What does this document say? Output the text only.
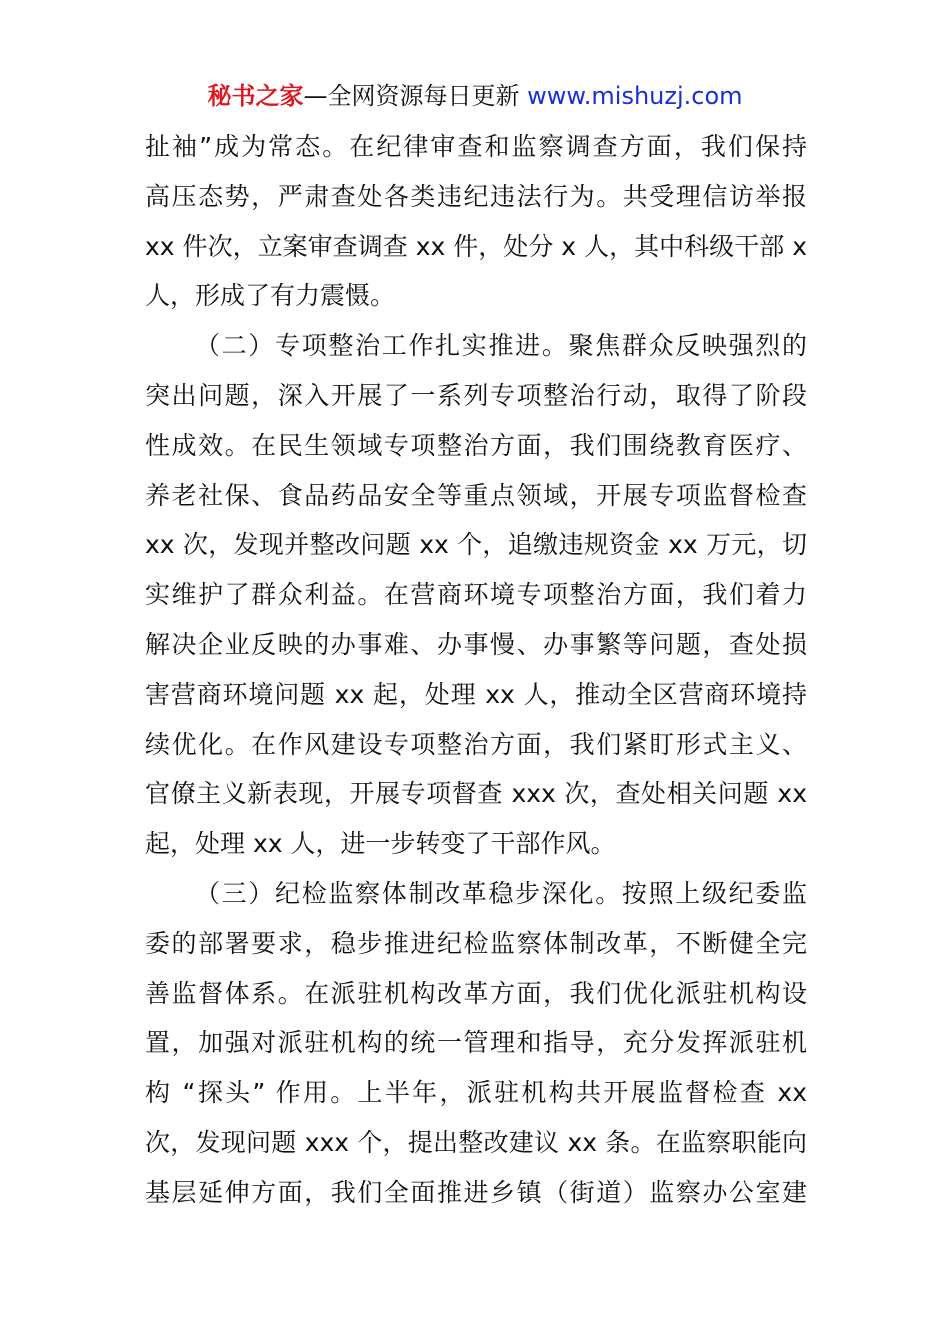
秘书之家—全网资源每日更新 www.mishuzj.com
扯袖”成为常态。在纪律审查和监察调查方面，我们保持
高压态势，严肃查处各类违纪违法行为。共受理信访举报
xx 件次，立案审查调查 xx 件，处分 x 人，其中科级干部 x
人，形成了有力震慑。
（二）专项整治工作扎实推进。聚焦群众反映强烈的
突出问题，深入开展了一系列专项整治行动，取得了阶段
性成效。在民生领域专项整治方面，我们围绕教育医疗、
养老社保、食品药品安全等重点领域，开展专项监督检查
xx 次，发现并整改问题 xx 个，追缴违规资金 xx 万元，切
实维护了群众利益。在营商环境专项整治方面，我们着力
解决企业反映的办事难、办事慢、办事繁等问题，查处损
害营商环境问题 xx 起，处理 xx 人，推动全区营商环境持
续优化。在作风建设专项整治方面，我们紧盯形式主义、
官僚主义新表现，开展专项督查 xxx 次，查处相关问题 xx
起，处理 xx 人，进一步转变了干部作风。
（三）纪检监察体制改革稳步深化。按照上级纪委监
委的部署要求，稳步推进纪检监察体制改革，不断健全完
善监督体系。在派驻机构改革方面，我们优化派驻机构设
置，加强对派驻机构的统一管理和指导，充分发挥派驻机
构 “探头” 作用。上半年，派驻机构共开展监督检查 xx
次，发现问题 xxx 个，提出整改建议 xx 条。在监察职能向
基层延伸方面，我们全面推进乡镇（街道）监察办公室建
